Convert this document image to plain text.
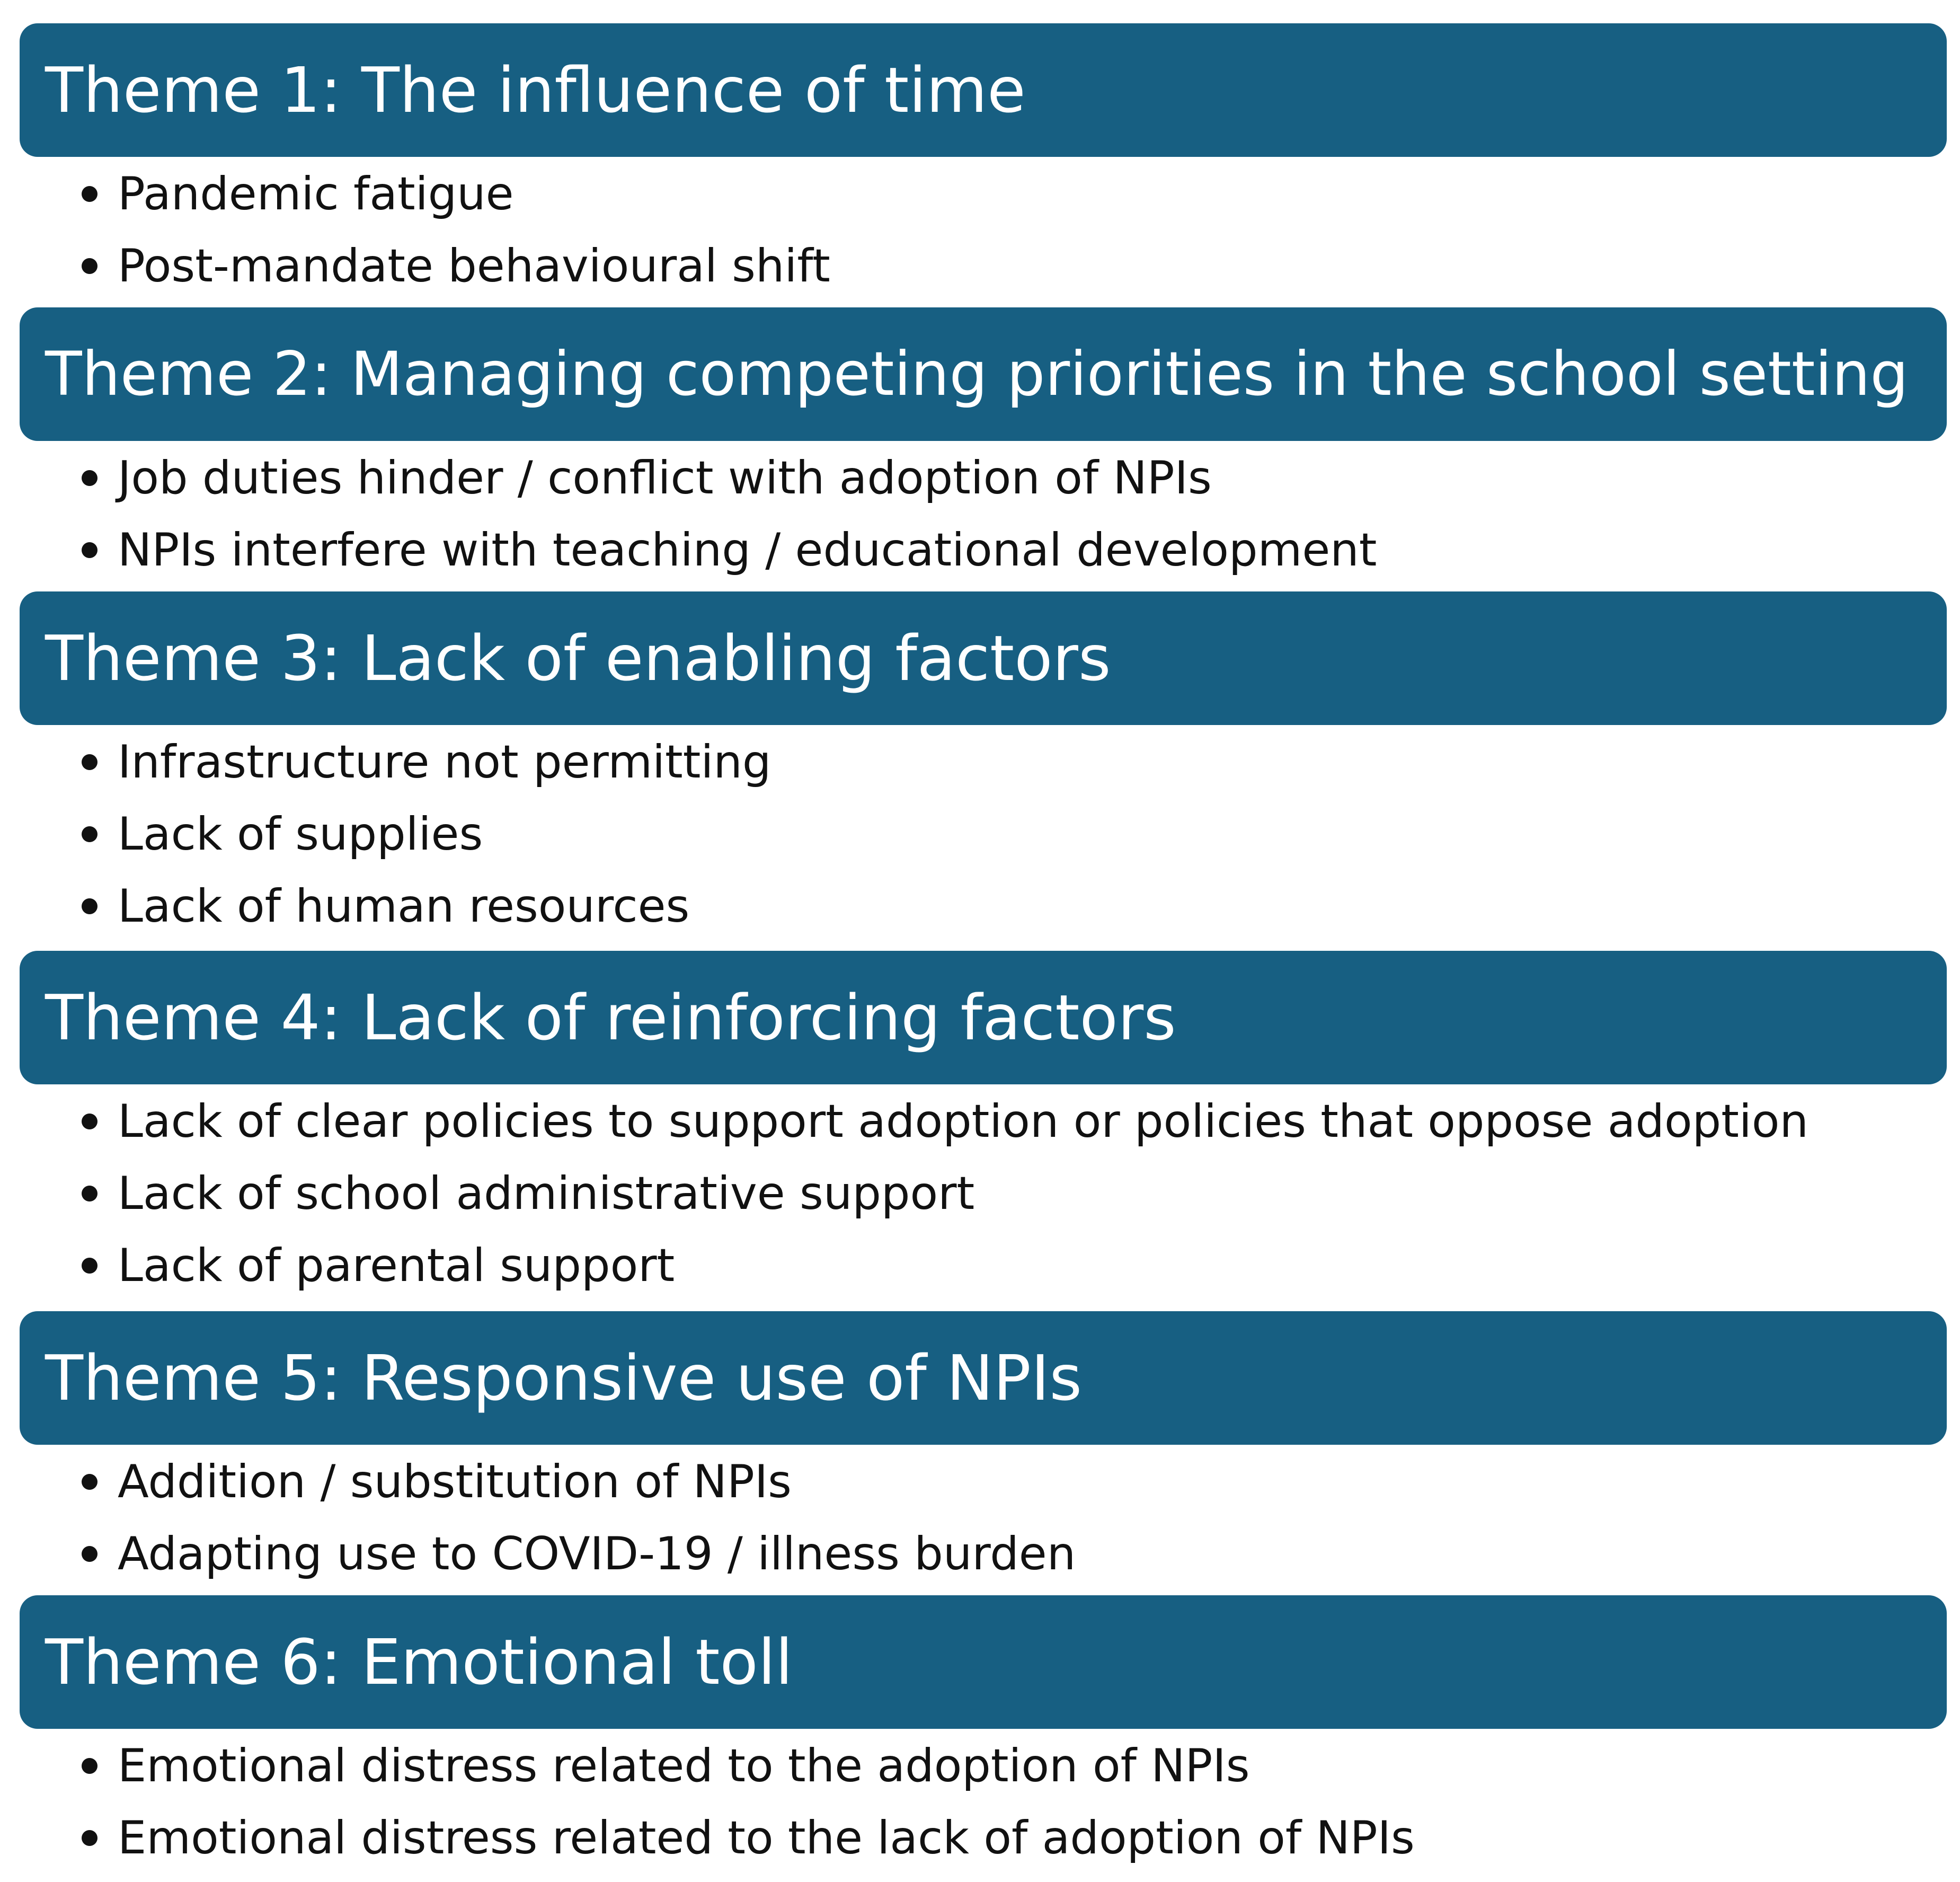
Theme 1: The influence of time
Pandemic fatigue
Post-mandate behavioural shift
Theme 2: Managing competing priorities in the school setting
Job duties hinder / conflict with adoption of NPIs
NPIs interfere with teaching / educational development
Theme 3: Lack of enabling factors
Infrastructure not permitting
Lack of supplies
Lack of human resources
Theme 4: Lack of reinforcing factors
Lack of clear policies to support adoption or policies that oppose adoption
Lack of school administrative support
Lack of parental support
Theme 5: Responsive use of NPIs
Addition / substitution of NPIs
Adapting use to COVID-19 / illness burden
Theme 6: Emotional toll
Emotional distress related to the adoption of NPIs
Emotional distress related to the lack of adoption of NPIs
